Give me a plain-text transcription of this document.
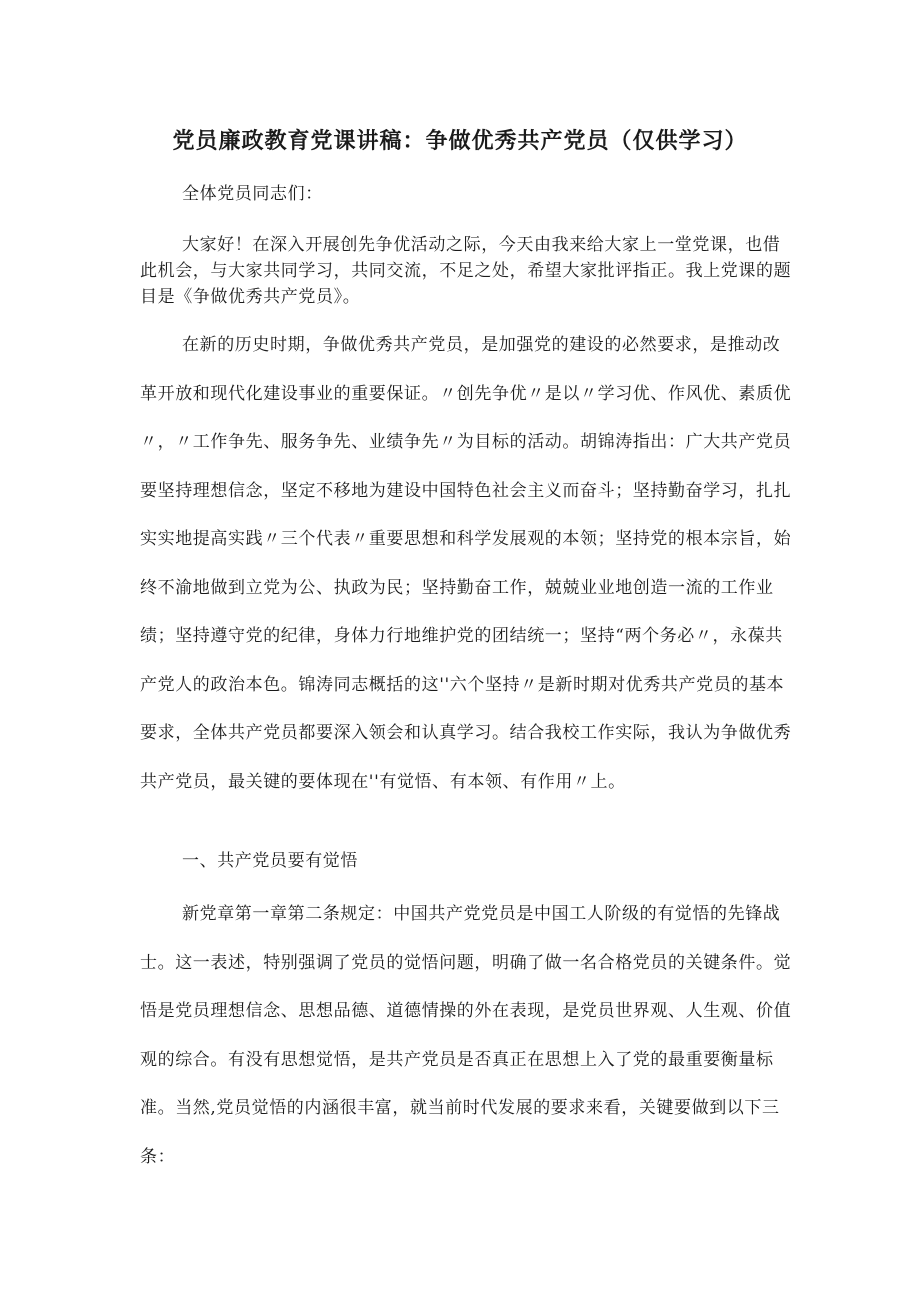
党员廉政教育党课讲稿：争做优秀共产党员（仅供学习）

全体党员同志们：

大家好！在深入开展创先争优活动之际，今天由我来给大家上一堂党课，也借此机会，与大家共同学习，共同交流，不足之处，希望大家批评指正。我上党课的题目是《争做优秀共产党员》。

在新的历史时期，争做优秀共产党员，是加强党的建设的必然要求，是推动改革开放和现代化建设事业的重要保证。〃创先争优〃是以〃学习优、作风优、素质优〃，〃工作争先、服务争先、业绩争先〃为目标的活动。胡锦涛指出：广大共产党员要坚持理想信念，坚定不移地为建设中国特色社会主义而奋斗；坚持勤奋学习，扎扎实实地提高实践〃三个代表〃重要思想和科学发展观的本领；坚持党的根本宗旨，始终不渝地做到立党为公、执政为民；坚持勤奋工作，兢兢业业地创造一流的工作业绩；坚持遵守党的纪律，身体力行地维护党的团结统一；坚持“两个务必〃，永葆共产党人的政治本色。锦涛同志概括的这''六个坚持〃是新时期对优秀共产党员的基本要求，全体共产党员都要深入领会和认真学习。结合我校工作实际，我认为争做优秀共产党员，最关键的要体现在''有觉悟、有本领、有作用〃上。

一、共产党员要有觉悟

新党章第一章第二条规定：中国共产党党员是中国工人阶级的有觉悟的先锋战士。这一表述，特别强调了党员的觉悟问题，明确了做一名合格党员的关键条件。觉悟是党员理想信念、思想品德、道德情操的外在表现，是党员世界观、人生观、价值观的综合。有没有思想觉悟，是共产党员是否真正在思想上入了党的最重要衡量标准。当然,党员觉悟的内涵很丰富，就当前时代发展的要求来看，关键要做到以下三条：
